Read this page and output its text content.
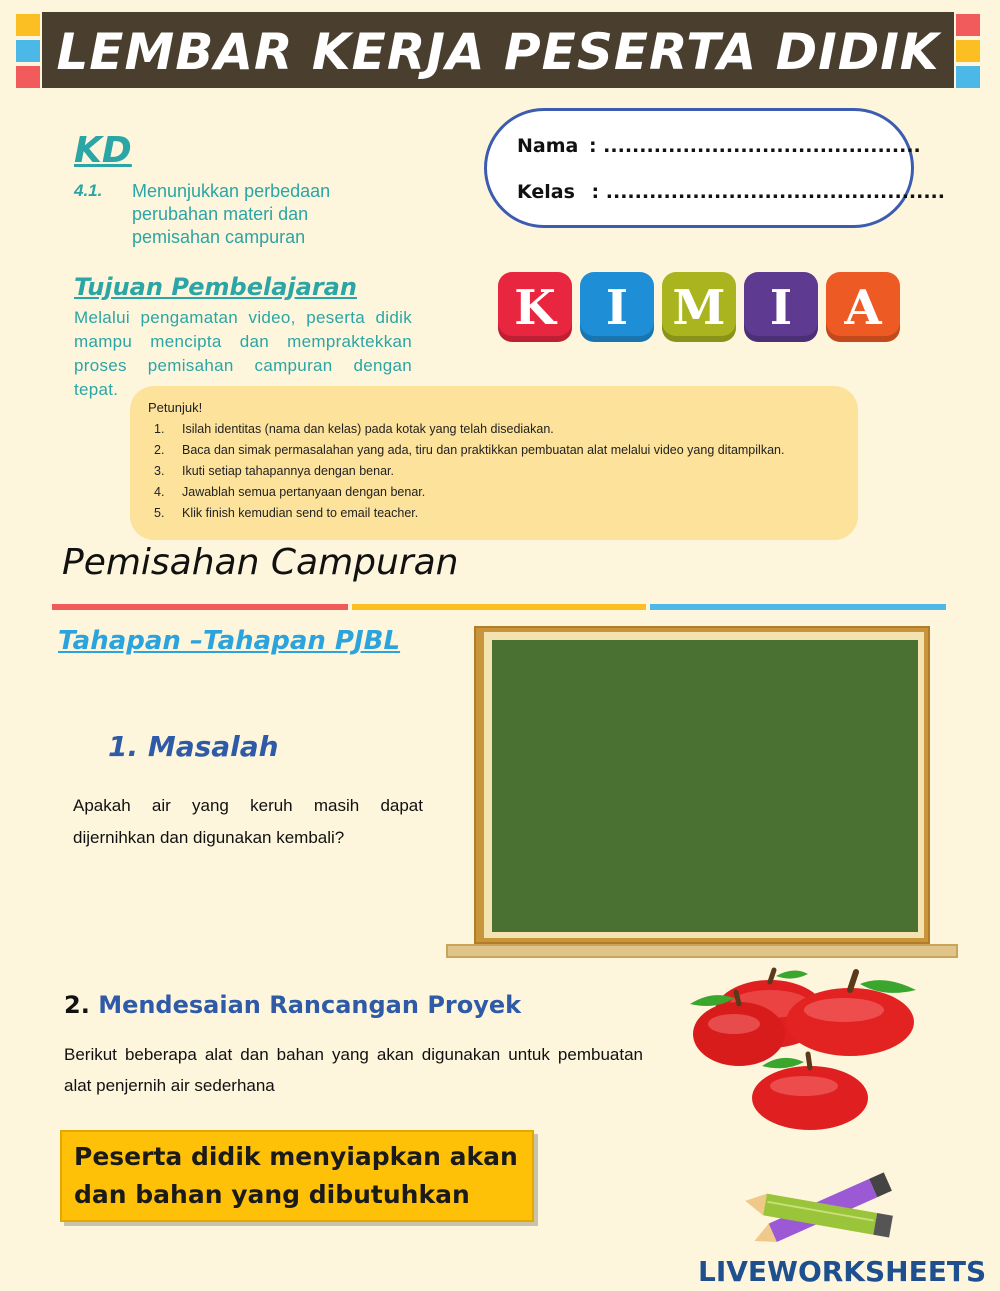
LEMBAR KERJA PESERTA DIDIK
KD
4.1. Menunjukkan perbedaan perubahan materi dan pemisahan campuran
Tujuan Pembelajaran
Melalui pengamatan video, peserta didik mampu mencipta dan mempraktekkan proses pemisahan campuran dengan tepat.
Nama : ............................................
Kelas : ...............................................
K	I M I	A
Petunjuk!
1. Isilah identitas (nama dan kelas) pada kotak yang telah disediakan.
2. Baca dan simak permasalahan yang ada, tiru dan praktikkan pembuatan alat melalui video yang ditampilkan.
3. Ikuti setiap tahapannya dengan benar.
4. Jawablah semua pertanyaan dengan benar.
5. Klik finish kemudian send to email teacher.
Pemisahan Campuran
Tahapan –Tahapan PJBL
1. Masalah
Apakah air yang keruh masih dapat dijernihkan dan digunakan kembali?
2. Mendesaian Rancangan Proyek
Berikut beberapa alat dan bahan yang akan digunakan untuk pembuatan alat penjernih air sederhana
Peserta didik menyiapkan akan dan bahan yang dibutuhkan
LIVEWORKSHEETS
